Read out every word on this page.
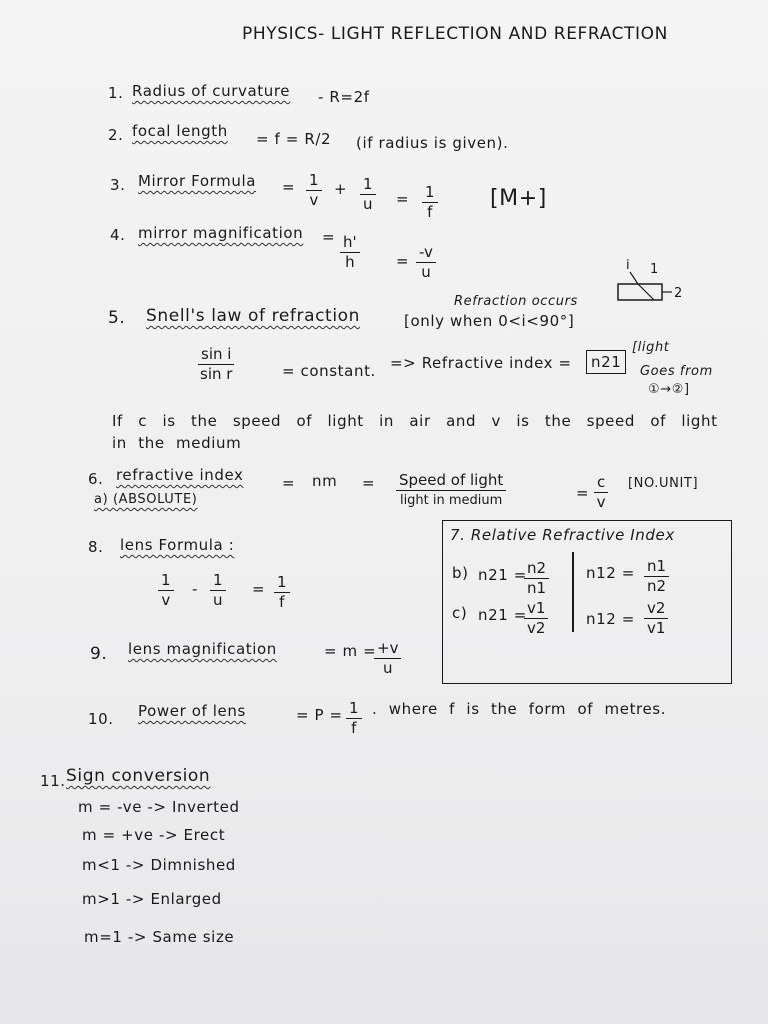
PHYSICS- LIGHT REFLECTION AND REFRACTION
1. Radius of curvature - R=2f
2. focal length = f = R/2 (if radius is given).
3. Mirror Formula = $\frac{1}{v} + \frac{1}{u} = \frac{1}{f} [M+]$
4. mirror magnification = $\frac{h'}{h} = \frac{-v}{u}$
5. Snell's law of refraction
Refraction occurs
[only when 0<i<90°]
i 1
2
$\frac{\text{sin i}}{\text{sin r}}$	= constant. => Refractive index =	n21
[light
Goes from
①→②]
If c is the speed of light in air and v is the speed of light
in the medium
6. refractive index	= nm = Speed of light
light in medium	= $\frac{c}{v}$ [NO.UNIT]
a) (ABSOLUTE)
7. Relative Refractive Index
b) n21 =
$\frac{n2}{n1} n12 = \frac{n1}{n2}$
c) n21 =
$\frac{v1}{v2}$	$n12 = \frac{v2}{v1}$
8. lens Formula :
$\frac{1}{v} - \frac{1}{u} = \frac{1}{f}$
9. lens magnification	= m =
$\frac{+v}{u}$
10. Power of lens	= $P = \frac{1}{f}$ . where f is the form of metres.
11. Sign conversion
m = -ve -> Inverted
m = +ve -> Erect
m<1 -> Dimnished
m>1 -> Enlarged
m=1 -> Same size
